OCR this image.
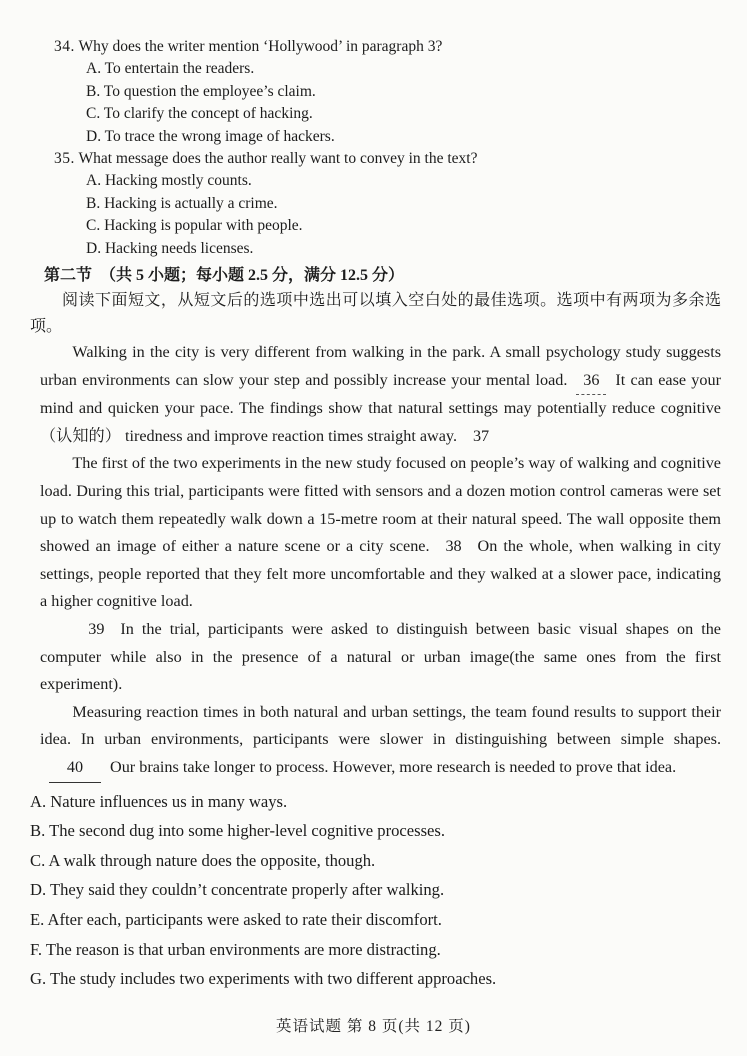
34. Why does the writer mention ‘Hollywood’ in paragraph 3?
A. To entertain the readers.
B. To question the employee’s claim.
C. To clarify the concept of hacking.
D. To trace the wrong image of hackers.
35. What message does the author really want to convey in the text?
A. Hacking mostly counts.
B. Hacking is actually a crime.
C. Hacking is popular with people.
D. Hacking needs licenses.
第二节　 （共 5 小题；每小题 2.5 分，满分 12.5 分）

阅读下面短文，从短文后的选项中选出可以填入空白处的最佳选项。选项中有两项为多余选项。

Walking in the city is very different from walking in the park. A small psychology study suggests urban environments can slow your step and possibly increase your mental load. 36 It can ease your mind and quicken your pace. The findings show that natural settings may potentially reduce cognitive（认知的） tiredness and improve reaction times straight away. 37

The first of the two experiments in the new study focused on people’s way of walking and cognitive load. During this trial, participants were fitted with sensors and a dozen motion control cameras were set up to watch them repeatedly walk down a 15-metre room at their natural speed. The wall opposite them showed an image of either a nature scene or a city scene. 38 On the whole, when walking in city settings, people reported that they felt more uncomfortable and they walked at a slower pace, indicating a higher cognitive load.

39 In the trial, participants were asked to distinguish between basic visual shapes on the computer while also in the presence of a natural or urban image(the same ones from the first experiment).

Measuring reaction times in both natural and urban settings, the team found results to support their idea. In urban environments, participants were slower in distinguishing between simple shapes.40 Our brains take longer to process. However, more research is needed to prove that idea.

A. Nature influences us in many ways.
B. The second dug into some higher-level cognitive processes.
C. A walk through nature does the opposite, though.
D. They said they couldn’t concentrate properly after walking.
E. After each, participants were asked to rate their discomfort.
F. The reason is that urban environments are more distracting.
G. The study includes two experiments with two different approaches.
英语试题 第 8 页(共 12 页)
